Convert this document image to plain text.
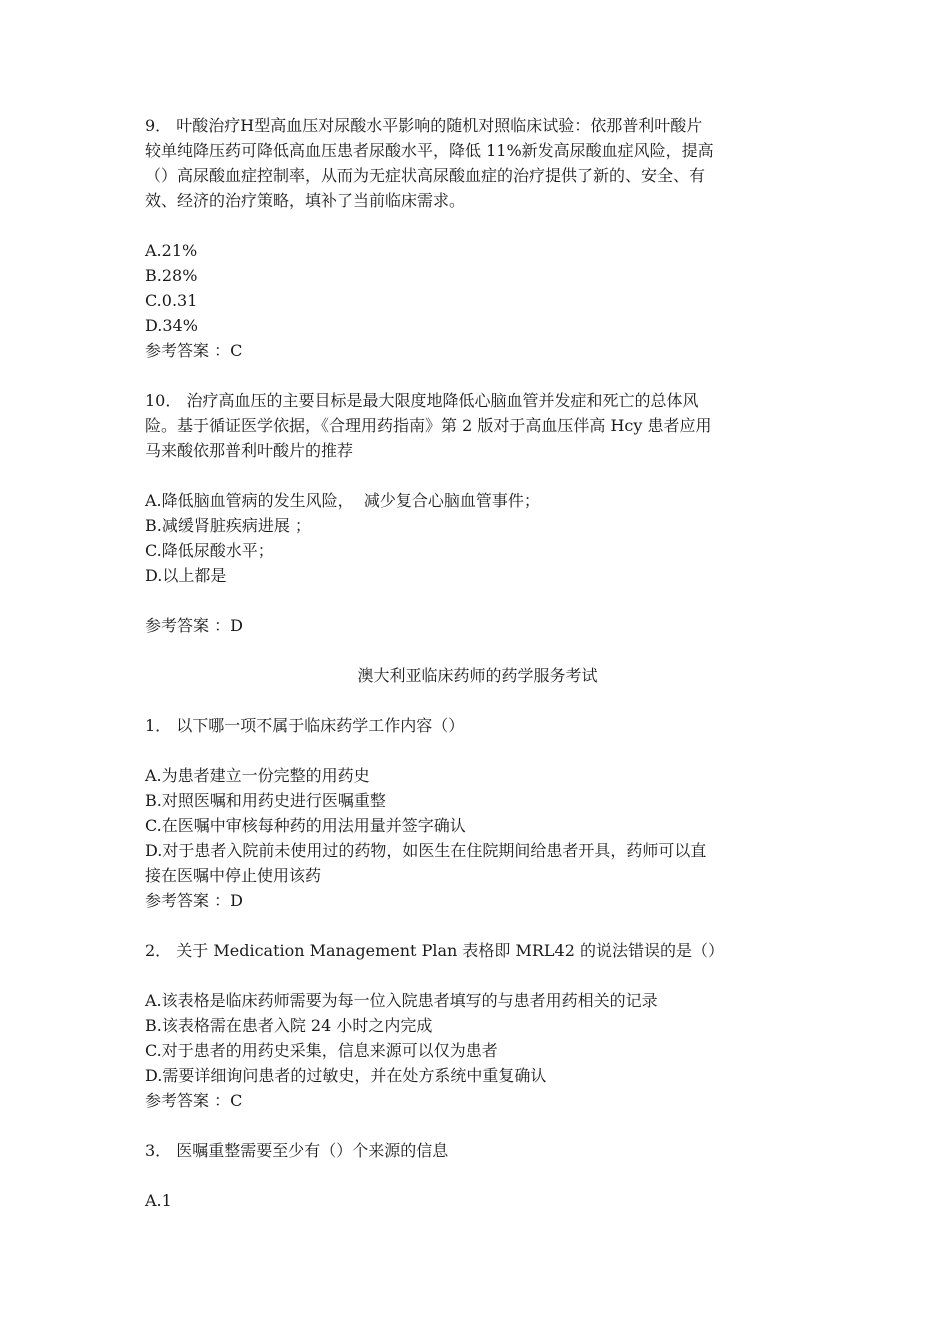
9． 叶酸治疗H型高血压对尿酸水平影响的随机对照临床试验：依那普利叶酸片
较单纯降压药可降低高血压患者尿酸水平，降低 11%新发高尿酸血症风险，提高
（）高尿酸血症控制率，从而为无症状高尿酸血症的治疗提供了新的、安全、有
效、经济的治疗策略，填补了当前临床需求。
A.21%
B.28%
C.0.31
D.34%
参考答案 ：C
10． 治疗高血压的主要目标是最大限度地降低心脑血管并发症和死亡的总体风
险。基于循证医学依据，《合理用药指南》第 2 版对于高血压伴高 Hcy 患者应用
马来酸依那普利叶酸片的推荐
A.降低脑血管病的发生风险，  减少复合心脑血管事件；
B.减缓肾脏疾病进展 ；
C.降低尿酸水平；
D.以上都是
参考答案 ：D
澳大利亚临床药师的药学服务考试
1． 以下哪一项不属于临床药学工作内容（）
A.为患者建立一份完整的用药史
B.对照医嘱和用药史进行医嘱重整
C.在医嘱中审核每种药的用法用量并签字确认
D.对于患者入院前未使用过的药物，如医生在住院期间给患者开具，药师可以直
接在医嘱中停止使用该药
参考答案 ：D
2． 关于 Medication Management Plan 表格即 MRL42 的说法错误的是（）
A.该表格是临床药师需要为每一位入院患者填写的与患者用药相关的记录
B.该表格需在患者入院 24 小时之内完成
C.对于患者的用药史采集，信息来源可以仅为患者
D.需要详细询问患者的过敏史，并在处方系统中重复确认
参考答案 ：C
3． 医嘱重整需要至少有（）个来源的信息
A.1
